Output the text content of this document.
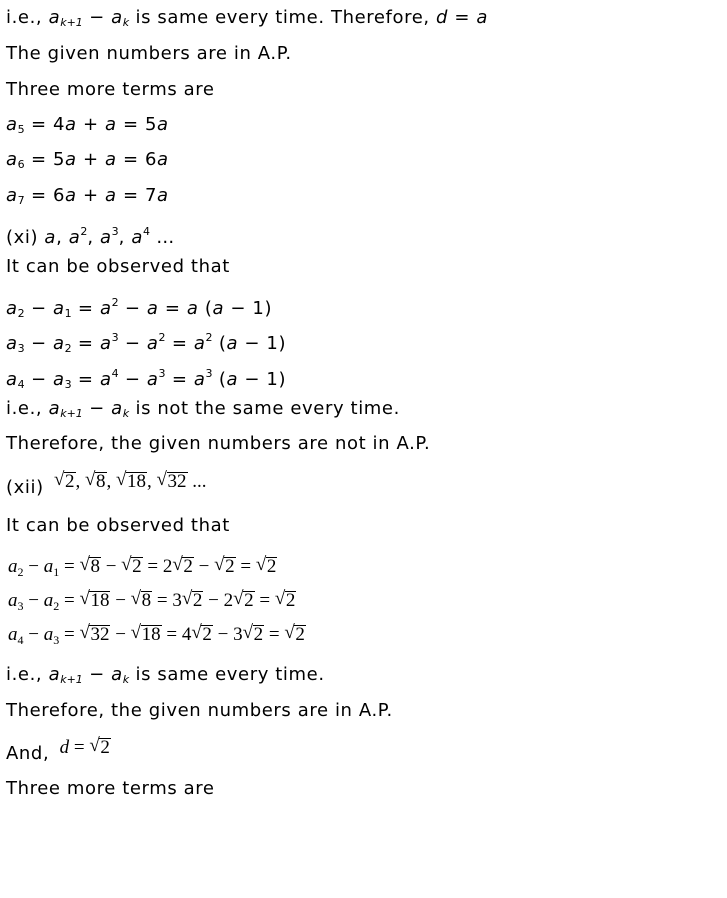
i.e., $a_{k+1} - a_k$ is same every time. Therefore, d = a
The given numbers are in A.P.
Three more terms are
$a_5 = 4a + a = 5a$
$a_6 = 5a + a = 6a$
$a_7 = 6a + a = 7a$
(xi) a, $a^2$, $a^3$, $a^4$ …
It can be observed that
$a_2 - a_1 = a^2 - a = a$ (a − 1)
$a_3 - a_2 = a^3 - a^2 = a^2$ (a − 1)
$a_4 - a_3 = a^4 - a^3 = a^3$ (a − 1)
i.e., $a_{k+1} - a_k$ is not the same every time.
Therefore, the given numbers are not in A.P.
(xii) √ 2, √ 8, √ 18, √ 32 ...
It can be observed that
$a_2 - a_1$ = √ 8 − √ 2 = 2 √ 2 − √ 2 = √ 2
$a_3 - a_2$ = √ 18 − √ 8 = 3 √ 2 − 2 √ 2 = √ 2
$a_4 - a_3$ = √ 32 − √ 18 = 4 √ 2 − 3 √ 2 = √ 2
i.e., $a_{k+1} - a_k$ is same every time.
Therefore, the given numbers are in A.P.
And, d = √ 2
Three more terms are
